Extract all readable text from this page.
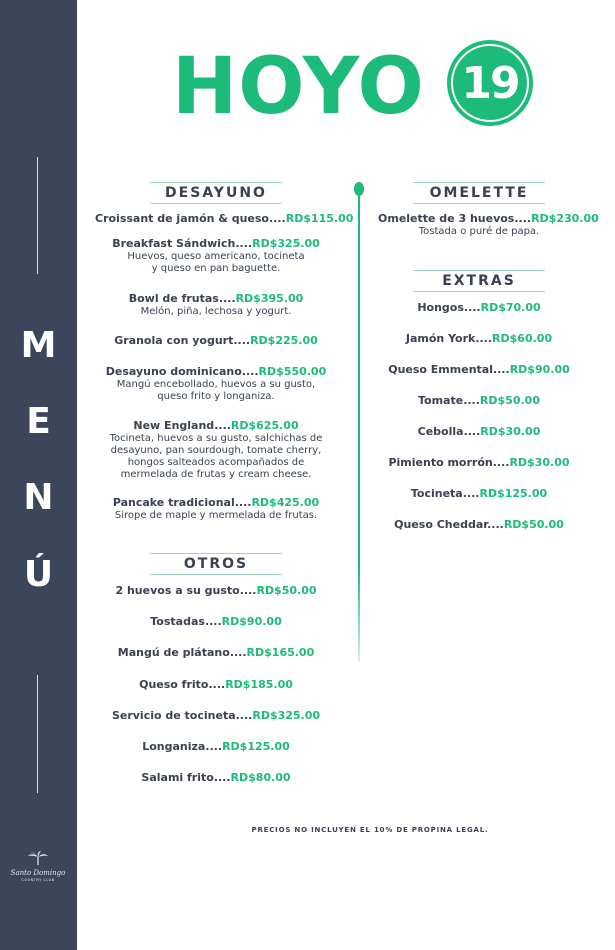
M
E
N
Ú
Santo Domingo
COUNTRY CLUB
HOYO 19
DESAYUNO
Croissant de jamón & queso....RD$115.00
Breakfast Sándwich....RD$325.00
Huevos, queso americano, tocineta
y queso en pan baguette.
Bowl de frutas....RD$395.00
Melón, piña, lechosa y yogurt.
Granola con yogurt....RD$225.00
Desayuno dominicano....RD$550.00
Mangú encebollado, huevos a su gusto,
queso frito y longaniza.
New England....RD$625.00
Tocineta, huevos a su gusto, salchichas de
desayuno, pan sourdough, tomate cherry,
hongos salteados acompañados de
mermelada de frutas y cream cheese.
Pancake tradicional....RD$425.00
Sirope de maple y mermelada de frutas.
OTROS
2 huevos a su gusto....RD$50.00
Tostadas....RD$90.00
Mangú de plátano....RD$165.00
Queso frito....RD$185.00
Servicio de tocineta....RD$325.00
Longaniza....RD$125.00
Salami frito....RD$80.00
OMELETTE
Omelette de 3 huevos....RD$230.00
Tostada o puré de papa.
EXTRAS
Hongos....RD$70.00
Jamón York....RD$60.00
Queso Emmental....RD$90.00
Tomate....RD$50.00
Cebolla....RD$30.00
Pimiento morrón....RD$30.00
Tocineta....RD$125.00
Queso Cheddar....RD$50.00
PRECIOS NO INCLUYEN EL 10% DE PROPINA LEGAL.
